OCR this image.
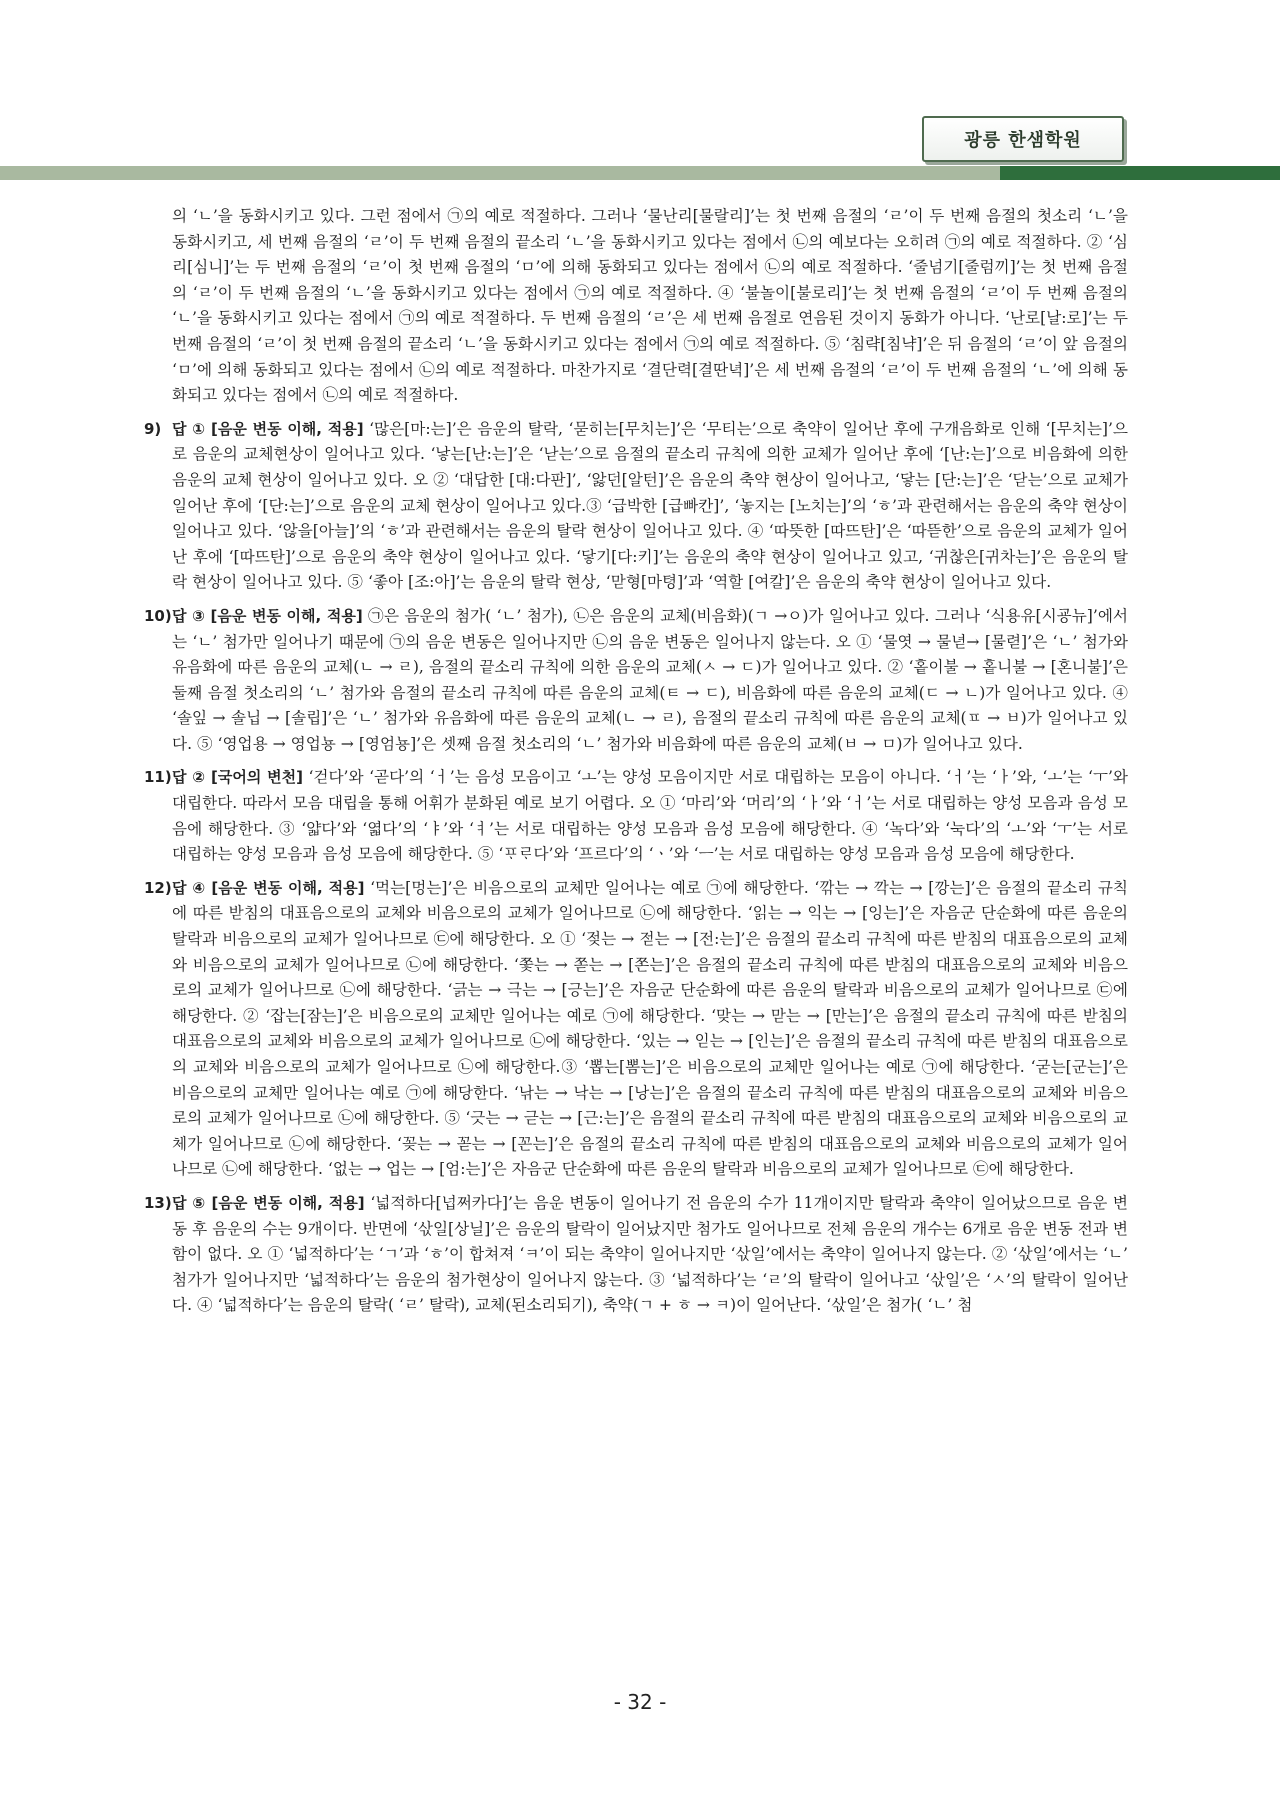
광릉 한샘학원

의 ‘ㄴ’을 동화시키고 있다. 그런 점에서 ㉠의 예로 적절하다. 그러나 ‘물난리[물랄리]’는 첫 번째 음절의 ‘ㄹ’이 두 번째 음절의 첫소리 ‘ㄴ’을 동화시키고, 세 번째 음절의 ‘ㄹ’이 두 번째 음절의 끝소리 ‘ㄴ’을 동화시키고 있다는 점에서 ㉡의 예보다는 오히려 ㉠의 예로 적절하다. ② ‘심리[심니]’는 두 번째 음절의 ‘ㄹ’이 첫 번째 음절의 ‘ㅁ’에 의해 동화되고 있다는 점에서 ㉡의 예로 적절하다. ‘줄넘기[줄럼끼]’는 첫 번째 음절의 ‘ㄹ’이 두 번째 음절의 ‘ㄴ’을 동화시키고 있다는 점에서 ㉠의 예로 적절하다. ④ ‘불놀이[불로리]’는 첫 번째 음절의 ‘ㄹ’이 두 번째 음절의 ‘ㄴ’을 동화시키고 있다는 점에서 ㉠의 예로 적절하다. 두 번째 음절의 ‘ㄹ’은 세 번째 음절로 연음된 것이지 동화가 아니다. ‘난로[날:로]’는 두 번째 음절의 ‘ㄹ’이 첫 번째 음절의 끝소리 ‘ㄴ’을 동화시키고 있다는 점에서 ㉠의 예로 적절하다. ⑤ ‘침략[침냑]’은 뒤 음절의 ‘ㄹ’이 앞 음절의 ‘ㅁ’에 의해 동화되고 있다는 점에서 ㉡의 예로 적절하다. 마찬가지로 ‘결단력[결딴녁]’은 세 번째 음절의 ‘ㄹ’이 두 번째 음절의 ‘ㄴ’에 의해 동화되고 있다는 점에서 ㉡의 예로 적절하다.

9) 답 ① [음운 변동 이해, 적용] ‘많은[마:는]’은 음운의 탈락, ‘묻히는[무치는]’은 ‘무티는’으로 축약이 일어난 후에 구개음화로 인해 ‘[무치는]’으로 음운의 교체현상이 일어나고 있다. ‘낳는[난:는]’은 ‘낟는’으로 음절의 끝소리 규칙에 의한 교체가 일어난 후에 ‘[난:는]’으로 비음화에 의한 음운의 교체 현상이 일어나고 있다. 오 ② ‘대답한 [대:다판]’, ‘앓던[알턴]’은 음운의 축약 현상이 일어나고, ‘닿는 [단:는]’은 ‘닫는’으로 교체가 일어난 후에 ‘[단:는]’으로 음운의 교체 현상이 일어나고 있다.③ ‘급박한 [급빠칸]’, ‘놓지는 [노치는]’의 ‘ㅎ’과 관련해서는 음운의 축약 현상이 일어나고 있다. ‘않을[아늘]’의 ‘ㅎ’과 관련해서는 음운의 탈락 현상이 일어나고 있다. ④ ‘따뜻한 [따뜨탄]’은 ‘따뜯한’으로 음운의 교체가 일어난 후에 ‘[따뜨탄]’으로 음운의 축약 현상이 일어나고 있다. ‘닿기[다:키]’는 음운의 축약 현상이 일어나고 있고, ‘귀찮은[귀차는]’은 음운의 탈락 현상이 일어나고 있다. ⑤ ‘좋아 [조:아]’는 음운의 탈락 현상, ‘맏형[마텽]’과 ‘역할 [여칼]’은 음운의 축약 현상이 일어나고 있다.
10) 답 ③ [음운 변동 이해, 적용] ㉠은 음운의 첨가( ‘ㄴ’ 첨가), ㉡은 음운의 교체(비음화)(ㄱ →ㅇ)가 일어나고 있다. 그러나 ‘식용유[시굥뉴]’에서는 ‘ㄴ’ 첨가만 일어나기 때문에 ㉠의 음운 변동은 일어나지만 ㉡의 음운 변동은 일어나지 않는다. 오 ① ‘물엿 → 물녇→ [물렫]’은 ‘ㄴ’ 첨가와 유음화에 따른 음운의 교체(ㄴ → ㄹ), 음절의 끝소리 규칙에 의한 음운의 교체(ㅅ → ㄷ)가 일어나고 있다. ② ‘홑이불 → 홑니불 → [혼니불]’은 둘째 음절 첫소리의 ‘ㄴ’ 첨가와 음절의 끝소리 규칙에 따른 음운의 교체(ㅌ → ㄷ), 비음화에 따른 음운의 교체(ㄷ → ㄴ)가 일어나고 있다. ④ ‘솔잎 → 솔닙 → [솔립]’은 ‘ㄴ’ 첨가와 유음화에 따른 음운의 교체(ㄴ → ㄹ), 음절의 끝소리 규칙에 따른 음운의 교체(ㅍ → ㅂ)가 일어나고 있다. ⑤ ‘영업용 → 영업뇽 → [영엄뇽]’은 셋째 음절 첫소리의 ‘ㄴ’ 첨가와 비음화에 따른 음운의 교체(ㅂ → ㅁ)가 일어나고 있다.
11) 답 ② [국어의 변천] ‘걷다’와 ‘곧다’의 ‘ㅓ’는 음성 모음이고 ‘ㅗ’는 양성 모음이지만 서로 대립하는 모음이 아니다. ‘ㅓ’는 ‘ㅏ’와, ‘ㅗ’는 ‘ㅜ’와 대립한다. 따라서 모음 대립을 통해 어휘가 분화된 예로 보기 어렵다. 오 ① ‘마리’와 ‘머리’의 ‘ㅏ’와 ‘ㅓ’는 서로 대립하는 양성 모음과 음성 모음에 해당한다. ③ ‘얇다’와 ‘엷다’의 ‘ㅑ’와 ‘ㅕ’는 서로 대립하는 양성 모음과 음성 모음에 해당한다. ④ ‘녹다’와 ‘눅다’의 ‘ㅗ’와 ‘ㅜ’는 서로 대립하는 양성 모음과 음성 모음에 해당한다. ⑤ ‘ᄑᆞᄅᆞ다’와 ‘프르다’의 ‘ㆍ’와 ‘ㅡ’는 서로 대립하는 양성 모음과 음성 모음에 해당한다.
12) 답 ④ [음운 변동 이해, 적용] ‘먹는[멍는]’은 비음으로의 교체만 일어나는 예로 ㉠에 해당한다. ‘깎는 → 깍는 → [깡는]’은 음절의 끝소리 규칙에 따른 받침의 대표음으로의 교체와 비음으로의 교체가 일어나므로 ㉡에 해당한다. ‘읽는 → 익는 → [잉는]’은 자음군 단순화에 따른 음운의 탈락과 비음으로의 교체가 일어나므로 ㉢에 해당한다. 오 ① ‘젖는 → 젇는 → [전:는]’은 음절의 끝소리 규칙에 따른 받침의 대표음으로의 교체와 비음으로의 교체가 일어나므로 ㉡에 해당한다. ‘쫓는 → 쫃는 → [쫀는]’은 음절의 끝소리 규칙에 따른 받침의 대표음으로의 교체와 비음으로의 교체가 일어나므로 ㉡에 해당한다. ‘긁는 → 극는 → [긍는]’은 자음군 단순화에 따른 음운의 탈락과 비음으로의 교체가 일어나므로 ㉢에 해당한다. ② ‘잡는[잠는]’은 비음으로의 교체만 일어나는 예로 ㉠에 해당한다. ‘맞는 → 맏는 → [만는]’은 음절의 끝소리 규칙에 따른 받침의 대표음으로의 교체와 비음으로의 교체가 일어나므로 ㉡에 해당한다. ‘있는 → 읻는 → [인는]’은 음절의 끝소리 규칙에 따른 받침의 대표음으로의 교체와 비음으로의 교체가 일어나므로 ㉡에 해당한다.③ ‘뽑는[뽐는]’은 비음으로의 교체만 일어나는 예로 ㉠에 해당한다. ‘굳는[군는]’은 비음으로의 교체만 일어나는 예로 ㉠에 해당한다. ‘낚는 → 낙는 → [낭는]’은 음절의 끝소리 규칙에 따른 받침의 대표음으로의 교체와 비음으로의 교체가 일어나므로 ㉡에 해당한다. ⑤ ‘긋는 → 귿는 → [근:는]’은 음절의 끝소리 규칙에 따른 받침의 대표음으로의 교체와 비음으로의 교체가 일어나므로 ㉡에 해당한다. ‘꽂는 → 꼳는 → [꼰는]’은 음절의 끝소리 규칙에 따른 받침의 대표음으로의 교체와 비음으로의 교체가 일어나므로 ㉡에 해당한다. ‘없는 → 업는 → [엄:는]’은 자음군 단순화에 따른 음운의 탈락과 비음으로의 교체가 일어나므로 ㉢에 해당한다.
13) 답 ⑤ [음운 변동 이해, 적용] ‘넓적하다[넙쩌카다]’는 음운 변동이 일어나기 전 음운의 수가 11개이지만 탈락과 축약이 일어났으므로 음운 변동 후 음운의 수는 9개이다. 반면에 ‘삯일[상닐]’은 음운의 탈락이 일어났지만 첨가도 일어나므로 전체 음운의 개수는 6개로 음운 변동 전과 변함이 없다. 오 ① ‘넓적하다’는 ‘ㄱ’과 ‘ㅎ’이 합쳐져 ‘ㅋ’이 되는 축약이 일어나지만 ‘삯일’에서는 축약이 일어나지 않는다. ② ‘삯일’에서는 ‘ㄴ’ 첨가가 일어나지만 ‘넓적하다’는 음운의 첨가현상이 일어나지 않는다. ③ ‘넓적하다’는 ‘ㄹ’의 탈락이 일어나고 ‘삯일’은 ‘ㅅ’의 탈락이 일어난다. ④ ‘넓적하다’는 음운의 탈락( ‘ㄹ’ 탈락), 교체(된소리되기), 축약(ㄱ + ㅎ → ㅋ)이 일어난다. ‘삯일’은 첨가( ‘ㄴ’ 첨
- 32 -
